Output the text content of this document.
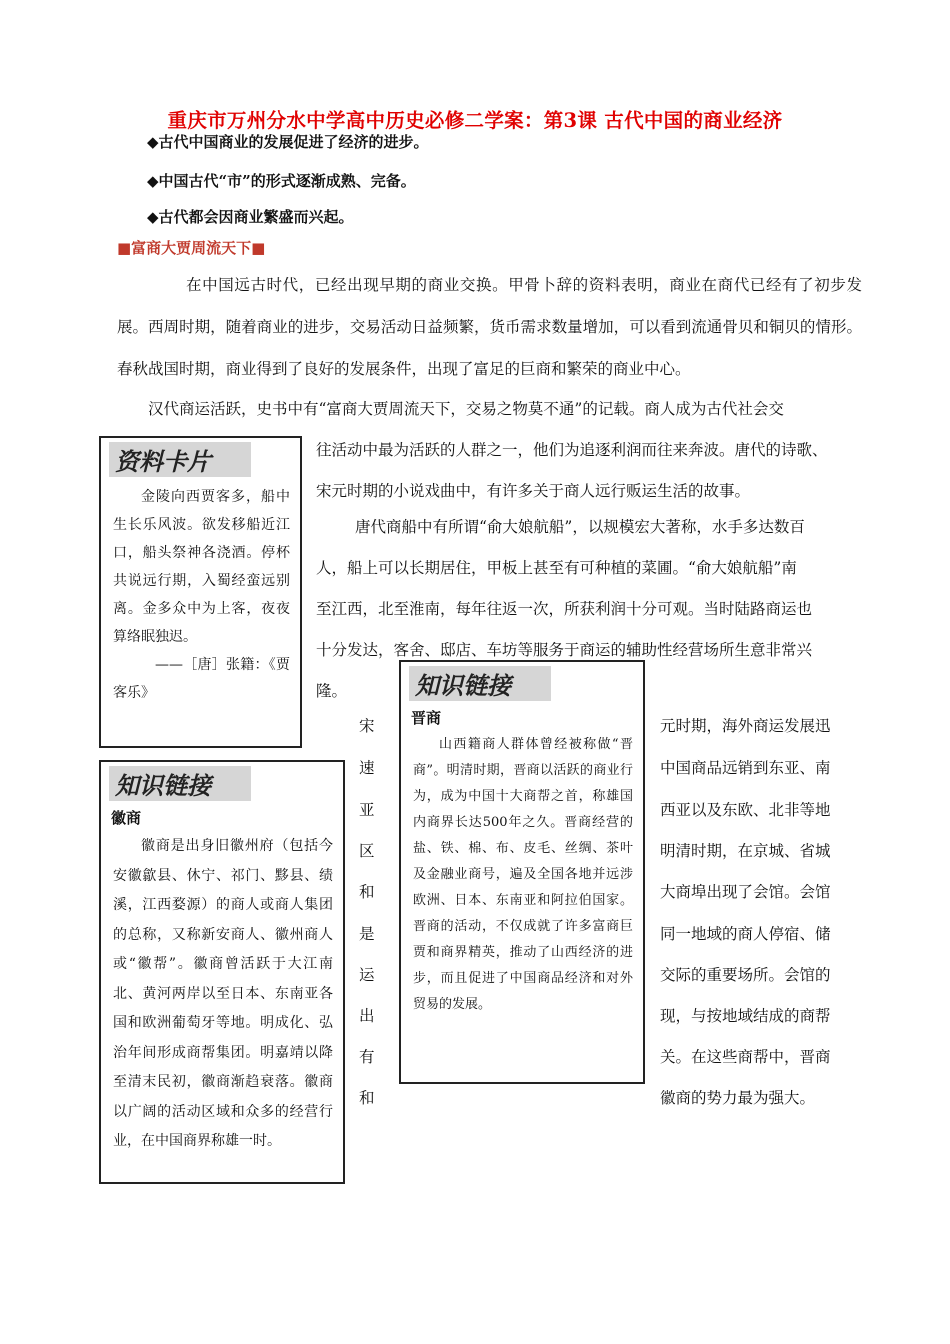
重庆市万州分水中学高中历史必修二学案：第3课 古代中国的商业经济
◆古代中国商业的发展促进了经济的进步。
◆中国古代“市”的形式逐渐成熟、完备。
◆古代都会因商业繁盛而兴起。
■富商大贾周流天下■
在中国远古时代，已经出现早期的商业交换。甲骨卜辞的资料表明，商业在商代已经有了初步发展。西周时期，随着商业的进步，交易活动日益频繁，货币需求数量增加，可以看到流通骨贝和铜贝的情形。春秋战国时期，商业得到了良好的发展条件，出现了富足的巨商和繁荣的商业中心。
汉代商运活跃，史书中有“富商大贾周流天下，交易之物莫不通”的记载。商人成为古代社会交
往活动中最为活跃的人群之一，他们为追逐利润而往来奔波。唐代的诗歌、
宋元时期的小说戏曲中，有许多关于商人远行贩运生活的故事。
唐代商船中有所谓“俞大娘航船”，以规模宏大著称，水手多达数百
人，船上可以长期居住，甲板上甚至有可种植的菜圃。“俞大娘航船”南
至江西，北至淮南，每年往返一次，所获利润十分可观。当时陆路商运也
十分发达，客舍、邸店、车坊等服务于商运的辅助性经营场所生意非常兴
隆。
宋
速
亚
区
和
是
运
出
有
和
元时期，海外商运发展迅
中国商品远销到东亚、南
西亚以及东欧、北非等地
明清时期，在京城、省城
大商埠出现了会馆。会馆
同一地域的商人停宿、储
交际的重要场所。会馆的
现，与按地域结成的商帮
关。在这些商帮中，晋商
徽商的势力最为强大。
资料卡片
金陵向西贾客多，船中生长乐风波。欲发移船近江口，船头祭神各浇酒。停杯共说远行期，入蜀经蛮远别离。金多众中为上客，夜夜算络眠独迟。
——［唐］张籍：《贾客乐》	知识链接
晋商
山西籍商人群体曾经被称做“晋商”。明清时期，晋商以活跃的商业行为，成为中国十大商帮之首，称雄国内商界长达500年之久。晋商经营的盐、铁、棉、布、皮毛、丝绸、茶叶及金融业商号，遍及全国各地并远涉欧洲、日本、东南亚和阿拉伯国家。晋商的活动，不仅成就了许多富商巨贾和商界精英，推动了山西经济的进步，而且促进了中国商品经济和对外贸易的发展。
知识链接
徽商
徽商是出身旧徽州府（包括今安徽歙县、休宁、祁门、黟县、绩溪，江西婺源）的商人或商人集团的总称，又称新安商人、徽州商人或“徽帮”。徽商曾活跃于大江南北、黄河两岸以至日本、东南亚各国和欧洲葡萄牙等地。明成化、弘治年间形成商帮集团。明嘉靖以降至清末民初，徽商渐趋衰落。徽商以广阔的活动区域和众多的经营行业，在中国商界称雄一时。
